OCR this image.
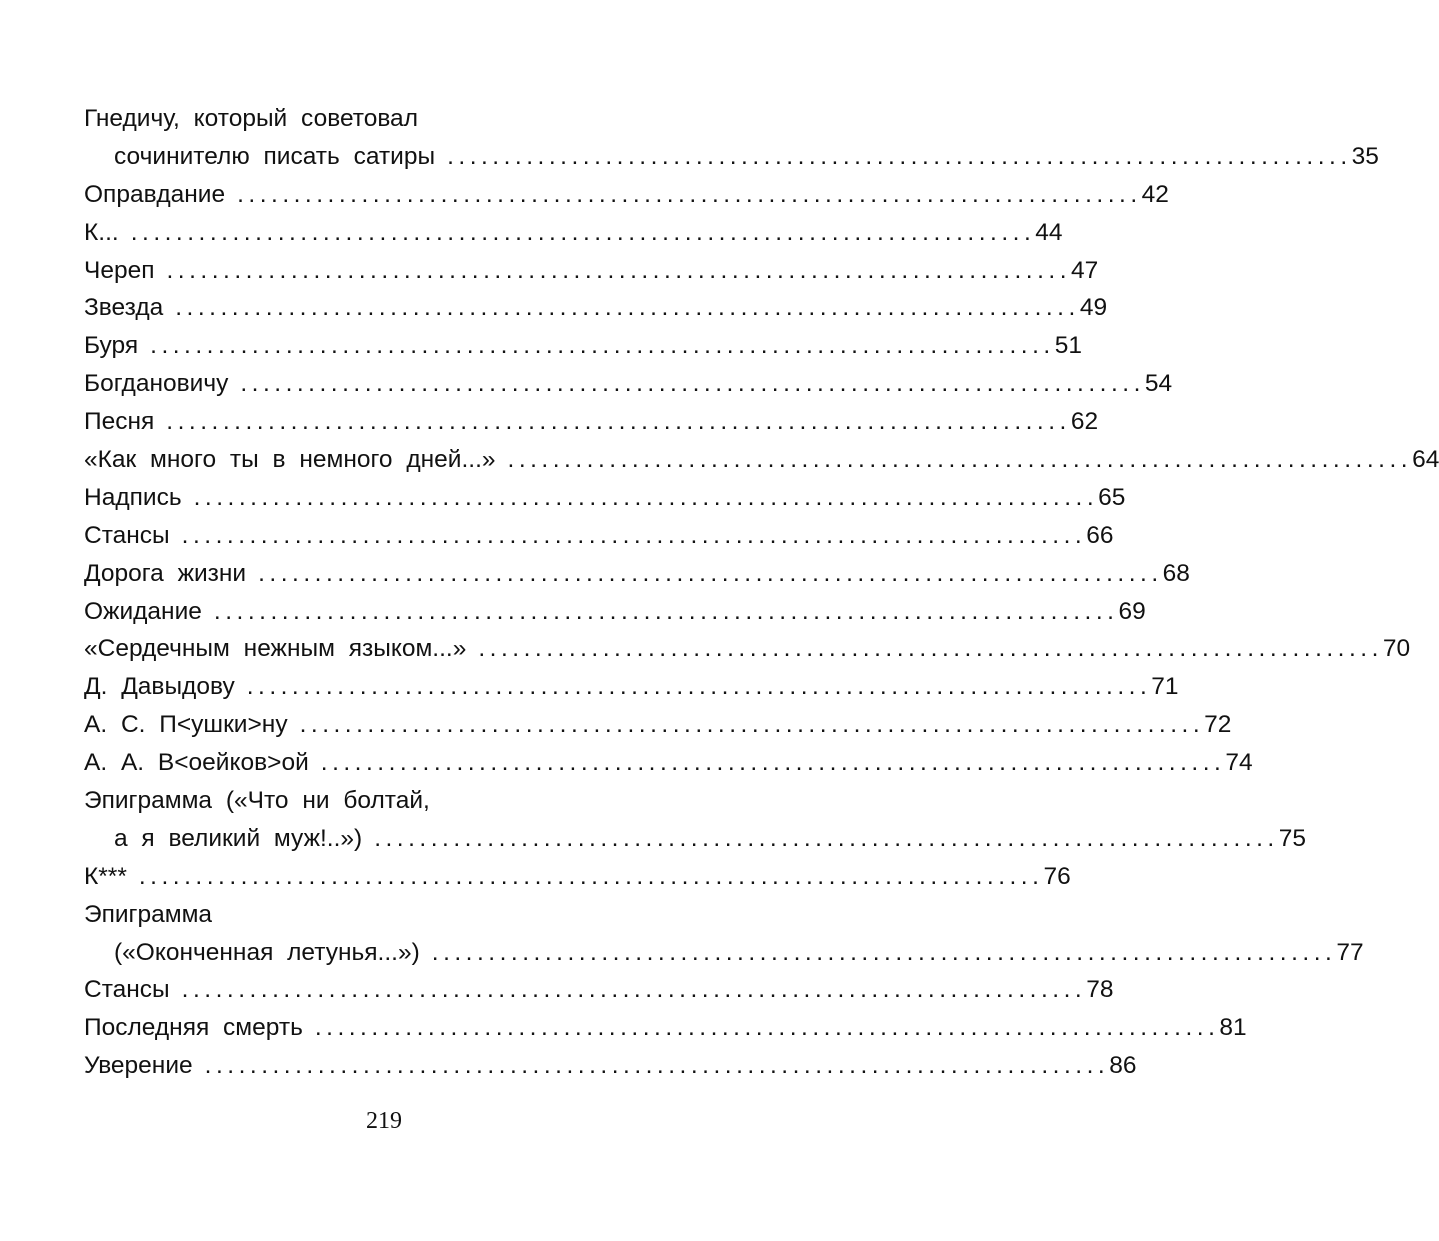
Гнедичу, который советовал
сочинителю писать сатиры ................................................................................ 35
Оправдание ................................................................................ 42
К... ................................................................................ 44
Череп ................................................................................ 47
Звезда ................................................................................ 49
Буря ................................................................................ 51
Богдановичу ................................................................................ 54
Песня ................................................................................ 62
«Как много ты в немного дней...» ................................................................................ 64
Надпись ................................................................................ 65
Стансы ................................................................................ 66
Дорога жизни ................................................................................ 68
Ожидание ................................................................................ 69
«Сердечным нежным языком...» ................................................................................ 70
Д. Давыдову ................................................................................ 71
А. С. П<ушки>ну ................................................................................ 72
А. А. В<оейков>ой ................................................................................ 74
Эпиграмма («Что ни болтай,
а я великий муж!..») ................................................................................ 75
К*** ................................................................................ 76
Эпиграмма
(«Оконченная летунья...») ................................................................................ 77
Стансы ................................................................................ 78
Последняя смерть ................................................................................ 81
Уверение ................................................................................ 86
219
